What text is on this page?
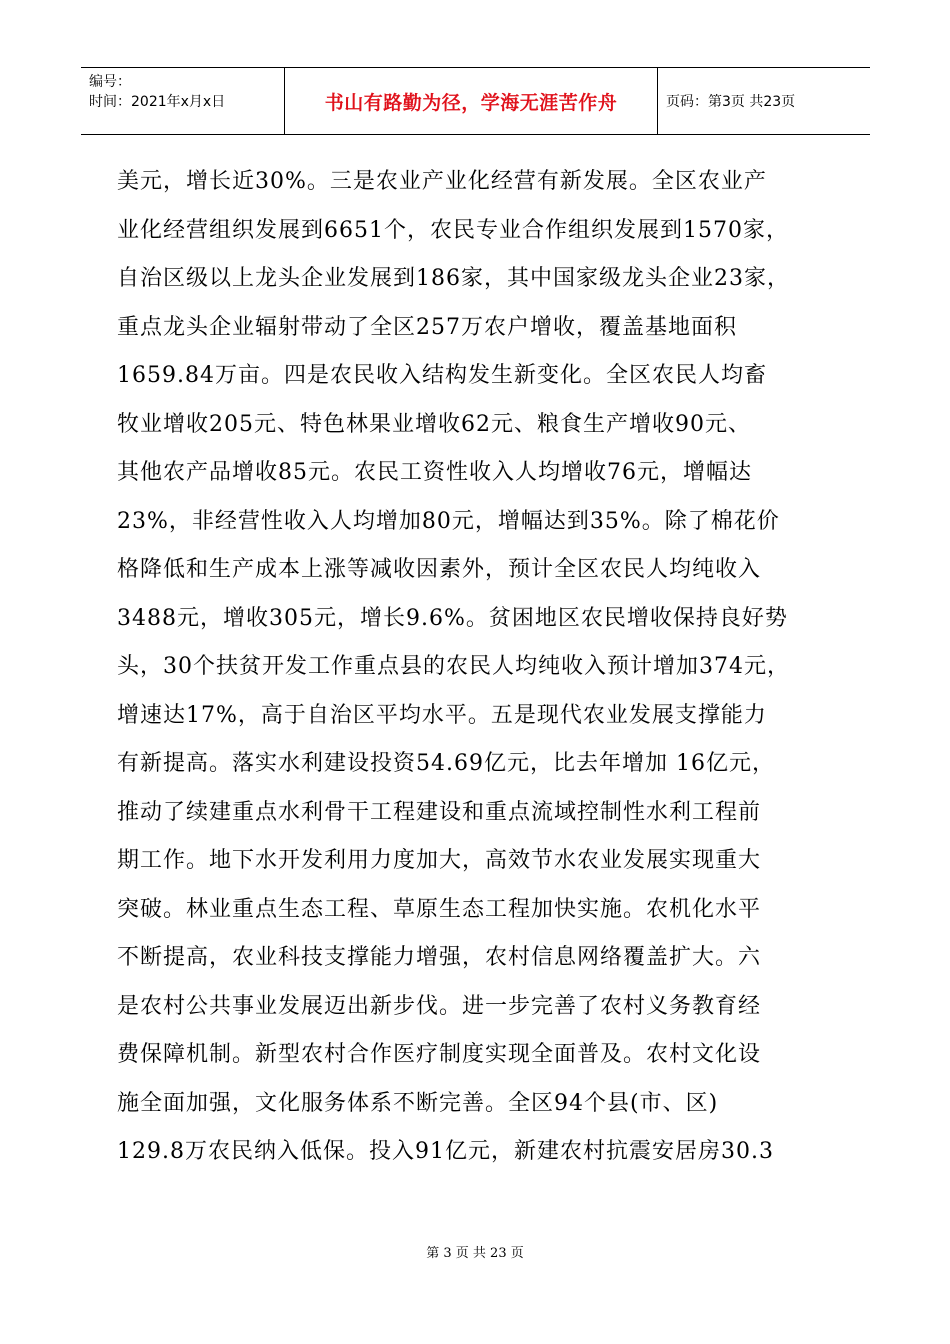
编号：
时间：2021年x月x日	书山有路勤为径，学海无涯苦作舟	页码：第3页 共23页
美元，增长近30%。三是农业产业化经营有新发展。全区农业产
业化经营组织发展到6651个，农民专业合作组织发展到1570家，
自治区级以上龙头企业发展到186家，其中国家级龙头企业23家，
重点龙头企业辐射带动了全区257万农户增收，覆盖基地面积
1659.84万亩。四是农民收入结构发生新变化。全区农民人均畜
牧业增收205元、特色林果业增收62元、粮食生产增收90元、
其他农产品增收85元。农民工资性收入人均增收76元，增幅达
23%，非经营性收入人均增加80元，增幅达到35%。除了棉花价
格降低和生产成本上涨等减收因素外，预计全区农民人均纯收入
3488元，增收305元，增长9.6%。贫困地区农民增收保持良好势
头，30个扶贫开发工作重点县的农民人均纯收入预计增加374元，
增速达17%，高于自治区平均水平。五是现代农业发展支撑能力
有新提高。落实水利建设投资54.69亿元，比去年增加 16亿元，
推动了续建重点水利骨干工程建设和重点流域控制性水利工程前
期工作。地下水开发利用力度加大，高效节水农业发展实现重大
突破。林业重点生态工程、草原生态工程加快实施。农机化水平
不断提高，农业科技支撑能力增强，农村信息网络覆盖扩大。六
是农村公共事业发展迈出新步伐。进一步完善了农村义务教育经
费保障机制。新型农村合作医疗制度实现全面普及。农村文化设
施全面加强，文化服务体系不断完善。全区94个县(市、区)
129.8万农民纳入低保。投入91亿元，新建农村抗震安居房30.3
第 3 页 共 23 页
